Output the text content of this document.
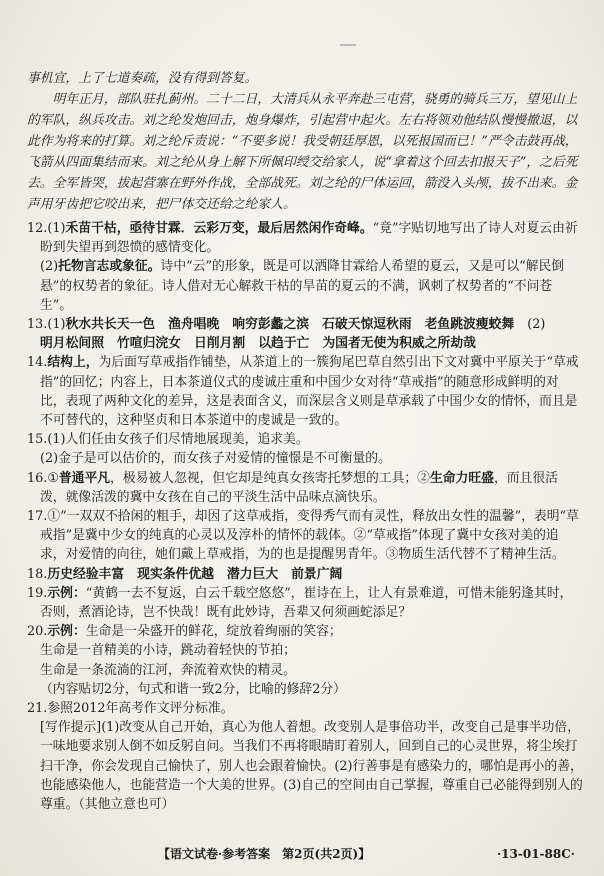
事机宜，上了七道奏疏，没有得到答复。

明年正月，部队驻扎蓟州。二十二日，大清兵从永平奔赴三屯营，骁勇的骑兵三万，望见山上的军队，纵兵攻击。刘之纶发炮回击，炮身爆炸，引起营中起火。左右将领劝他结队慢慢撤退，以此作为将来的打算。刘之纶斥责说：“不要多说！我受朝廷厚恩，以死报国而已！”严令击鼓再战，飞箭从四面集结而来。刘之纶从身上解下所佩印绶交给家人，说“拿着这个回去扣报天子”，之后死去。全军皆哭，拔起营寨在野外作战，全部战死。刘之纶的尸体运回，箭没入头颅，拔不出来。金声用牙齿把它咬出来，把尸体交还给之纶家人。

12.(1)禾苗干枯，亟待甘霖．云彩万变，最后居然闲作奇峰。“竟”字贴切地写出了诗人对夏云由祈盼到失望再到怨愤的感情变化。
(2)托物言志或象征。诗中“云”的形象，既是可以洒降甘霖给人希望的夏云，又是可以“解民倒悬”的权势者的象征。诗人借对无心解救干枯的旱苗的夏云的不满，讽刺了权势者的“不问苍生”。
13.(1)秋水共长天一色 渔舟唱晚 响穷彭蠡之滨 石破天惊逗秋雨 老鱼跳波瘦蛟舞 (2)
明月松间照 竹喧归浣女 日削月割 以趋于亡 为国者无使为积威之所劫哉
14.结构上，为后面写草戒指作铺垫，从茶道上的一簇狗尾巴草自然引出下文对冀中平原关于“草戒指”的回忆；内容上，日本茶道仪式的虔诚庄重和中国少女对待“草戒指”的随意形成鲜明的对比，表现了两种文化的差异，这是表面含义，而深层含义则是草承载了中国少女的情怀，而且是不可替代的，这种坚贞和日本茶道中的虔诚是一致的。
15.(1)人们任由女孩子们尽情地展现美，追求美。
(2)金子是可以估价的，而女孩子对爱情的憧憬是不可衡量的。
16.①普通平凡，极易被人忽视，但它却是纯真女孩寄托梦想的工具；②生命力旺盛，而且很活泼，就像活泼的冀中女孩在自己的平淡生活中品味点滴快乐。
17.①“一双双不拾闲的粗手，却因了这草戒指，变得秀气而有灵性，释放出女性的温馨”，表明“草戒指”是冀中少女的纯真的心灵以及淳朴的情怀的载体。②“草戒指”体现了冀中女孩对美的追求，对爱情的向往，她们戴上草戒指，为的也是提醒男青年。③物质生活代替不了精神生活。
18.历史经验丰富 现实条件优越 潜力巨大 前景广阔
19.示例：“黄鹤一去不复返，白云千载空悠悠”，崔诗在上，让人有景难道，可惜未能躬逢其时，否则，煮酒论诗，岂不快哉！既有此妙诗，吾辈又何须画蛇添足？
20.示例：生命是一朵盛开的鲜花，绽放着绚丽的笑容；
生命是一首精美的小诗，跳动着轻快的节拍；
生命是一条流淌的江河，奔流着欢快的精灵。
（内容贴切2分，句式和谐一致2分，比喻的修辞2分）
21.参照2012年高考作文评分标准。
[写作提示](1)改变从自己开始，真心为他人着想。改变别人是事倍功半，改变自己是事半功倍，一味地要求别人倒不如反躬自问。当我们不再将眼睛盯着别人，回到自己的心灵世界，将尘埃打扫干净，你会发现自己愉快了，别人也会跟着愉快。(2)行善事是有感染力的，哪怕是再小的善，也能感染他人，也能营造一个大美的世界。(3)自己的空间由自己掌握，尊重自己必能得到别人的尊重。（其他立意也可）
【语文试卷·参考答案　第2页(共2页)】	·13-01-88C·
